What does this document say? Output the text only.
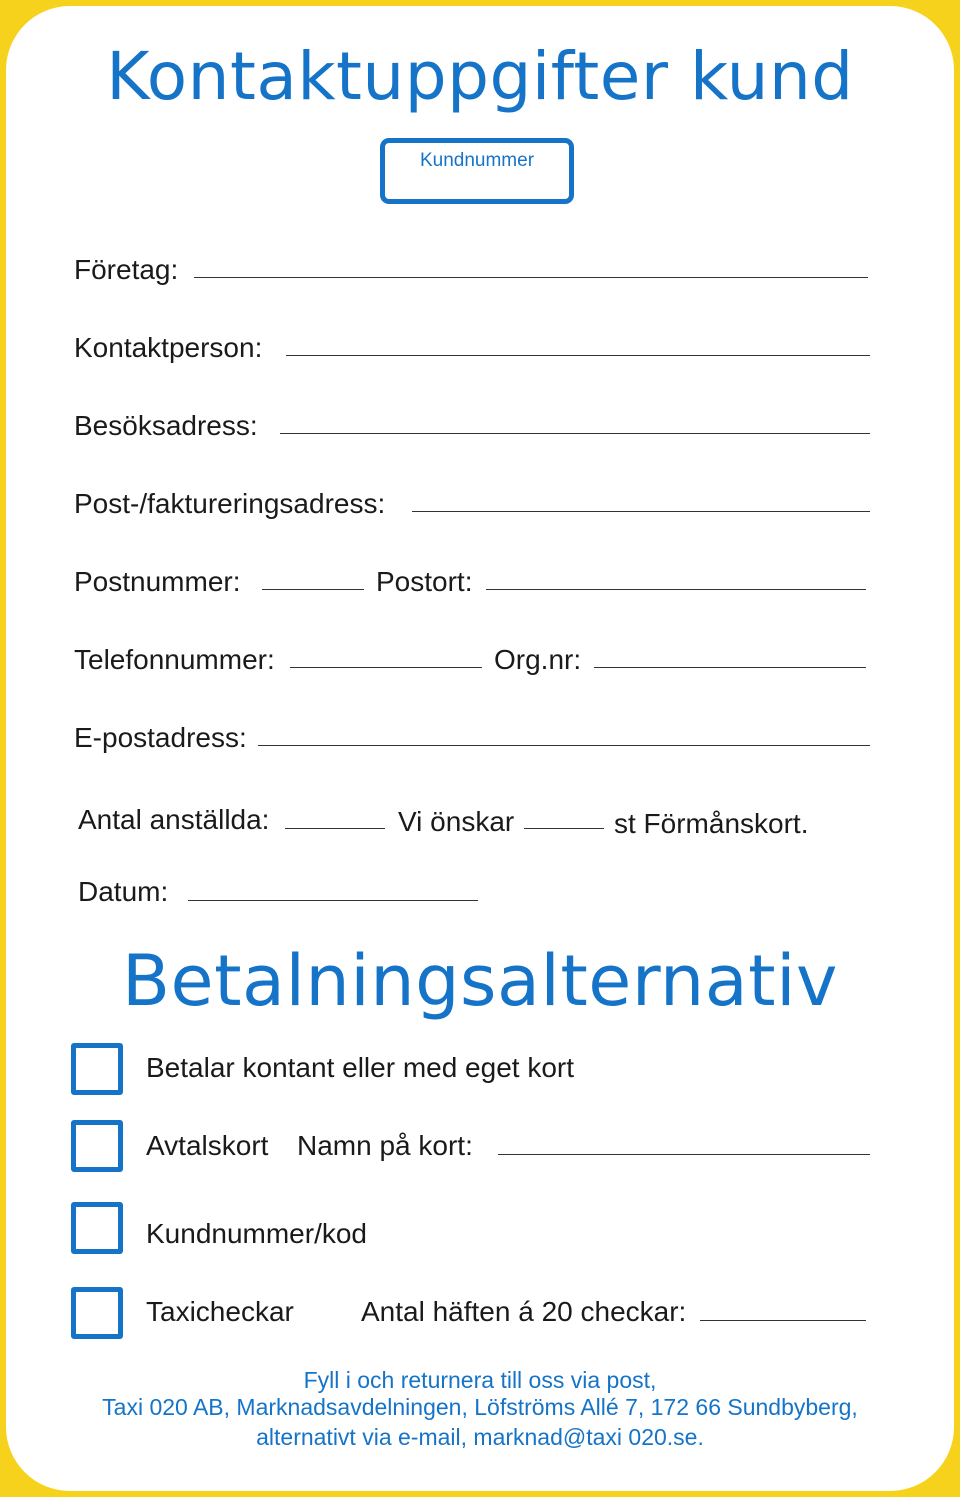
Kontaktuppgifter kund
Kundnummer
Företag:
Kontaktperson:
Besöksadress:
Post-/faktureringsadress:
Postnummer:	Postort:
Telefonnummer:	Org.nr:
E-postadress:
Antal anställda:	Vi önskar	st Förmånskort.
Datum:
Betalningsalternativ
Betalar kontant eller med eget kort
Avtalskort Namn på kort:
Kundnummer/kod
Taxicheckar Antal häften á 20 checkar:
Fyll i och returnera till oss via post,
Taxi 020 AB, Marknadsavdelningen, Löfströms Allé 7, 172 66 Sundbyberg,
alternativt via e-mail, marknad@taxi 020.se.
